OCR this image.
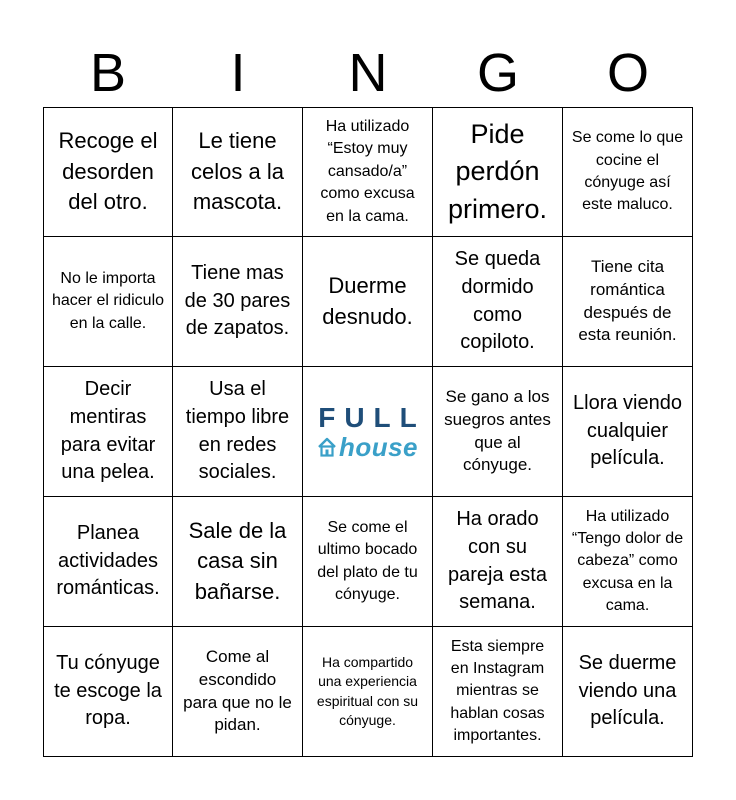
B	I	N	G	O
Recoge el desorden del otro.
Le tiene celos a la mascota.
Ha utilizado “Estoy muy cansado/a” como excusa en la cama.
Pide perdón primero.
Se come lo que cocine el cónyuge así este maluco.
No le importa hacer el ridiculo en la calle.
Tiene mas de 30 pares de zapatos.
Duerme desnudo.
Se queda dormido como copiloto.
Tiene cita romántica después de esta reunión.
Decir mentiras para evitar una pelea.
Usa el tiempo libre en redes sociales.
FULL
house
Se gano a los suegros antes que al cónyuge.
Llora viendo cualquier película.
Planea actividades románticas.
Sale de la casa sin bañarse.
Se come el ultimo bocado del plato de tu cónyuge.
Ha orado con su pareja esta semana.
Ha utilizado “Tengo dolor de cabeza” como excusa en la cama.
Tu cónyuge te escoge la ropa.
Come al escondido para que no le pidan.
Ha compartido una experiencia espiritual con su cónyuge.
Esta siempre en Instagram mientras se hablan cosas importantes.
Se duerme viendo una película.
